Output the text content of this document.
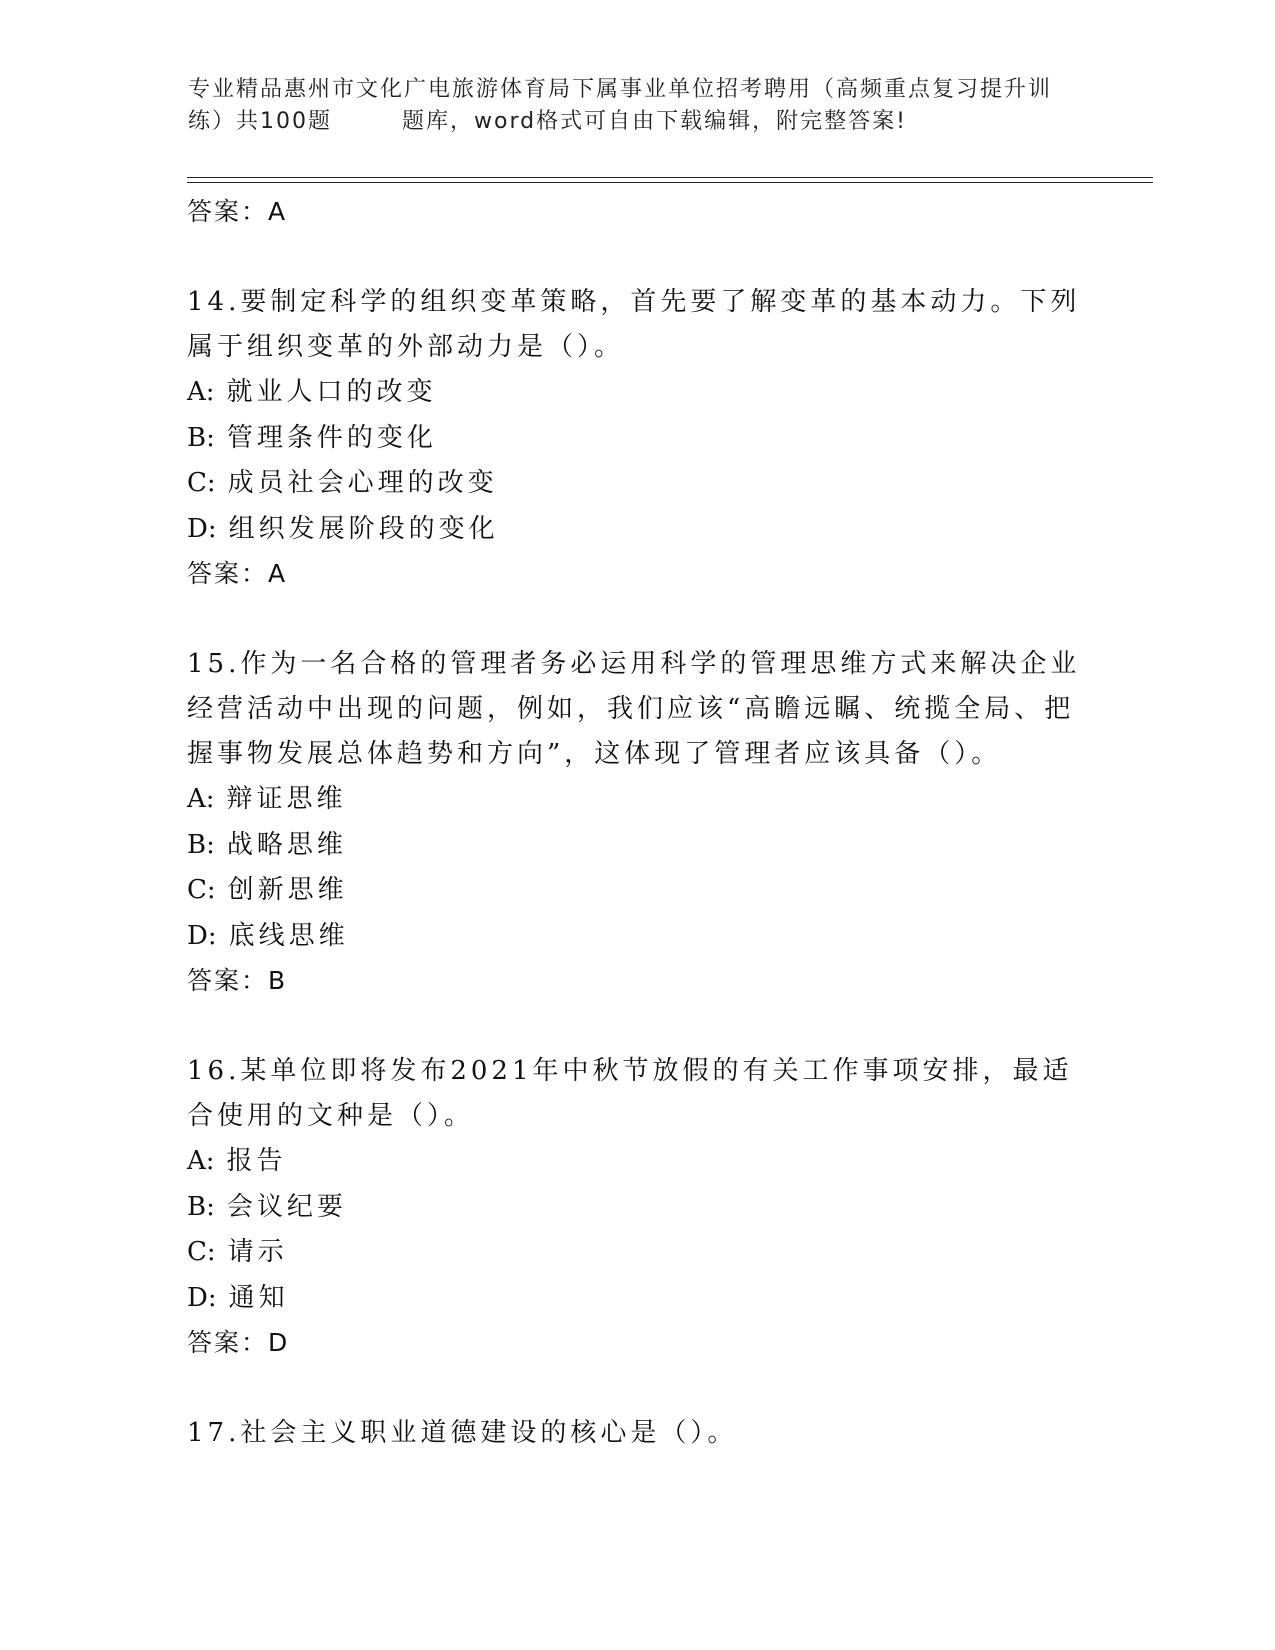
专业精品惠州市文化广电旅游体育局下属事业单位招考聘用（高频重点复习提升训
练）共100题	题库，word格式可自由下载编辑，附完整答案!
答案：A
14.要制定科学的组织变革策略，首先要了解变革的基本动力。下列属于组织变革的外部动力是（）。
A: 就业人口的改变
B: 管理条件的变化
C: 成员社会心理的改变
D: 组织发展阶段的变化
答案：A
15.作为一名合格的管理者务必运用科学的管理思维方式来解决企业经营活动中出现的问题，例如，我们应该“高瞻远瞩、统揽全局、把握事物发展总体趋势和方向”，这体现了管理者应该具备（）。
A: 辩证思维
B: 战略思维
C: 创新思维
D: 底线思维
答案：B
16.某单位即将发布2021年中秋节放假的有关工作事项安排，最适合使用的文种是（）。
A: 报告
B: 会议纪要
C: 请示
D: 通知
答案：D
17.社会主义职业道德建设的核心是（）。
